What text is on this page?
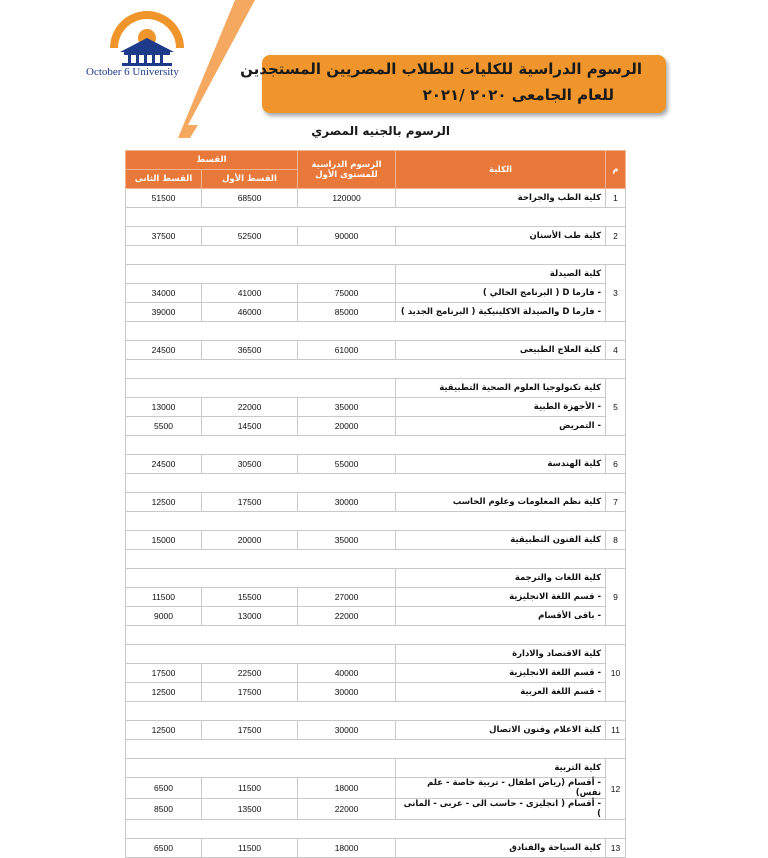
October 6 University	الرسوم الدراسية للكليات للطلاب المصريين المستجدين
للعام الجامعى ٢٠٢٠ /٢٠٢١
الرسوم بالجنيه المصري
القسط		الرسوم الدراسية للمستوى الأول	الكلية	م
القسط الثانى	القسط الأول			
51500	68500	120000	كلية الطب والجراحة	1

37500	52500	90000	كلية طب الأسنان	2

			كلية الصيدلة	3
34000	41000	75000	- فارما D ( البرنامج الحالي )	
39000	46000	85000	- فارما D والصيدلة الاكلينيكية ( البرنامج الجديد )	

24500	36500	61000	كلية العلاج الطبيعى	4

			كلية تكنولوجيا العلوم الصحية التطبيقية	5
13000	22000	35000	- الأجهزة الطبية	
5500	14500	20000	- التمريض	

24500	30500	55000	كلية الهندسة	6

12500	17500	30000	كلية نظم المعلومات وعلوم الحاسب	7

15000	20000	35000	كلية الفنون التطبيقية	8

			كلية اللغات والترجمة	9
11500	15500	27000	- قسم اللغة الانجليزية	
9000	13000	22000	- باقى الأقسام	

			كلية الاقتصاد والادارة	10
17500	22500	40000	- قسم اللغة الانجليزية	
12500	17500	30000	- قسم اللغة العربية	

12500	17500	30000	كلية الاعلام وفنون الاتصال	11

			كلية التربية	12
6500	11500	18000	- أقسام (رياض اطفال - تربية خاصة - علم نفس)	
8500	13500	22000	- أقسام ( انجليزى - حاسب الى - عربى - المانى )	

6500	11500	18000	كلية السياحة والفنادق	13
